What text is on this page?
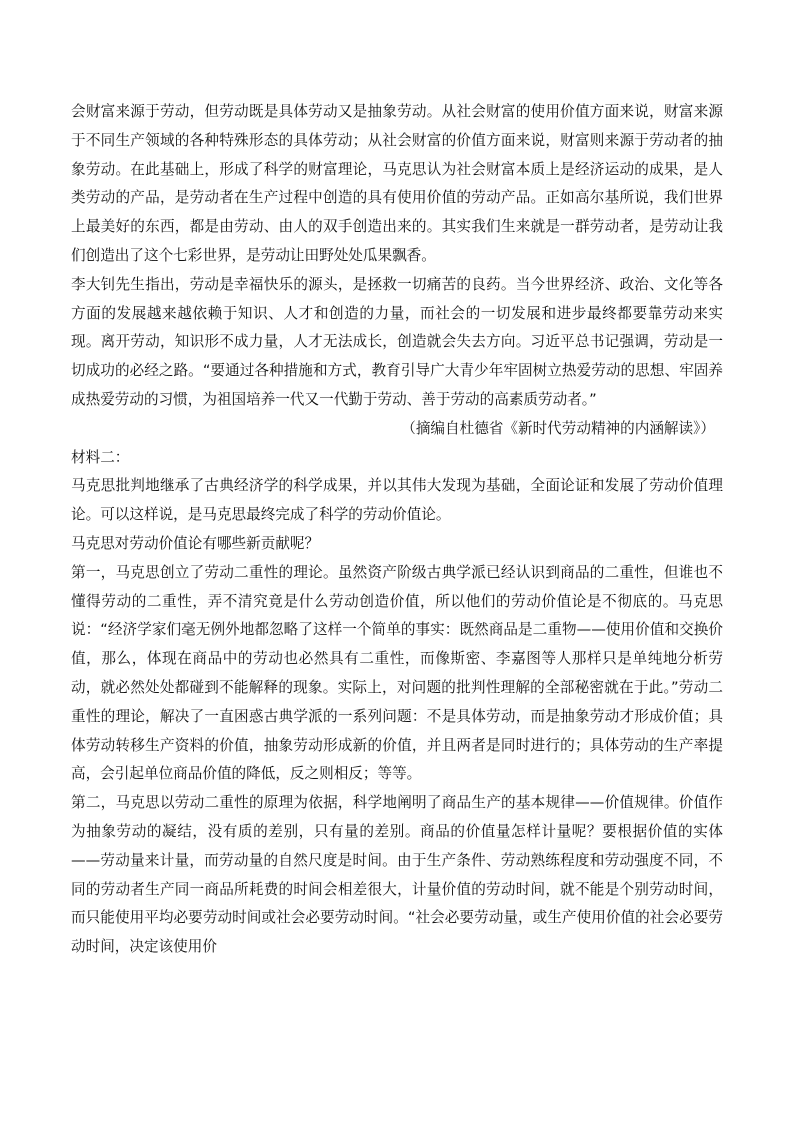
会财富来源于劳动，但劳动既是具体劳动又是抽象劳动。从社会财富的使用价值方面来说，财富来源于不同生产领域的各种特殊形态的具体劳动；从社会财富的价值方面来说，财富则来源于劳动者的抽象劳动。在此基础上，形成了科学的财富理论，马克思认为社会财富本质上是经济运动的成果，是人类劳动的产品，是劳动者在生产过程中创造的具有使用价值的劳动产品。正如高尔基所说，我们世界上最美好的东西，都是由劳动、由人的双手创造出来的。其实我们生来就是一群劳动者，是劳动让我们创造出了这个七彩世界，是劳动让田野处处瓜果飘香。

李大钊先生指出，劳动是幸福快乐的源头，是拯救一切痛苦的良药。当今世界经济、政治、文化等各方面的发展越来越依赖于知识、人才和创造的力量，而社会的一切发展和进步最终都要靠劳动来实现。离开劳动，知识形不成力量，人才无法成长，创造就会失去方向。习近平总书记强调，劳动是一切成功的必经之路。“要通过各种措施和方式，教育引导广大青少年牢固树立热爱劳动的思想、牢固养成热爱劳动的习惯，为祖国培养一代又一代勤于劳动、善于劳动的高素质劳动者。”

（摘编自杜德省《新时代劳动精神的内涵解读》）

材料二：

马克思批判地继承了古典经济学的科学成果，并以其伟大发现为基础，全面论证和发展了劳动价值理论。可以这样说，是马克思最终完成了科学的劳动价值论。

马克思对劳动价值论有哪些新贡献呢？

第一，马克思创立了劳动二重性的理论。虽然资产阶级古典学派已经认识到商品的二重性，但谁也不懂得劳动的二重性，弄不清究竟是什么劳动创造价值，所以他们的劳动价值论是不彻底的。马克思说：“经济学家们毫无例外地都忽略了这样一个简单的事实：既然商品是二重物——使用价值和交换价值，那么，体现在商品中的劳动也必然具有二重性，而像斯密、李嘉图等人那样只是单纯地分析劳动，就必然处处都碰到不能解释的现象。实际上，对问题的批判性理解的全部秘密就在于此。”劳动二重性的理论，解决了一直困惑古典学派的一系列问题：不是具体劳动，而是抽象劳动才形成价值；具体劳动转移生产资料的价值，抽象劳动形成新的价值，并且两者是同时进行的；具体劳动的生产率提高，会引起单位商品价值的降低，反之则相反；等等。

第二，马克思以劳动二重性的原理为依据，科学地阐明了商品生产的基本规律——价值规律。价值作为抽象劳动的凝结，没有质的差别，只有量的差别。商品的价值量怎样计量呢？要根据价值的实体——劳动量来计量，而劳动量的自然尺度是时间。由于生产条件、劳动熟练程度和劳动强度不同，不同的劳动者生产同一商品所耗费的时间会相差很大，计量价值的劳动时间，就不能是个别劳动时间，而只能使用平均必要劳动时间或社会必要劳动时间。“社会必要劳动量，或生产使用价值的社会必要劳动时间，决定该使用价
